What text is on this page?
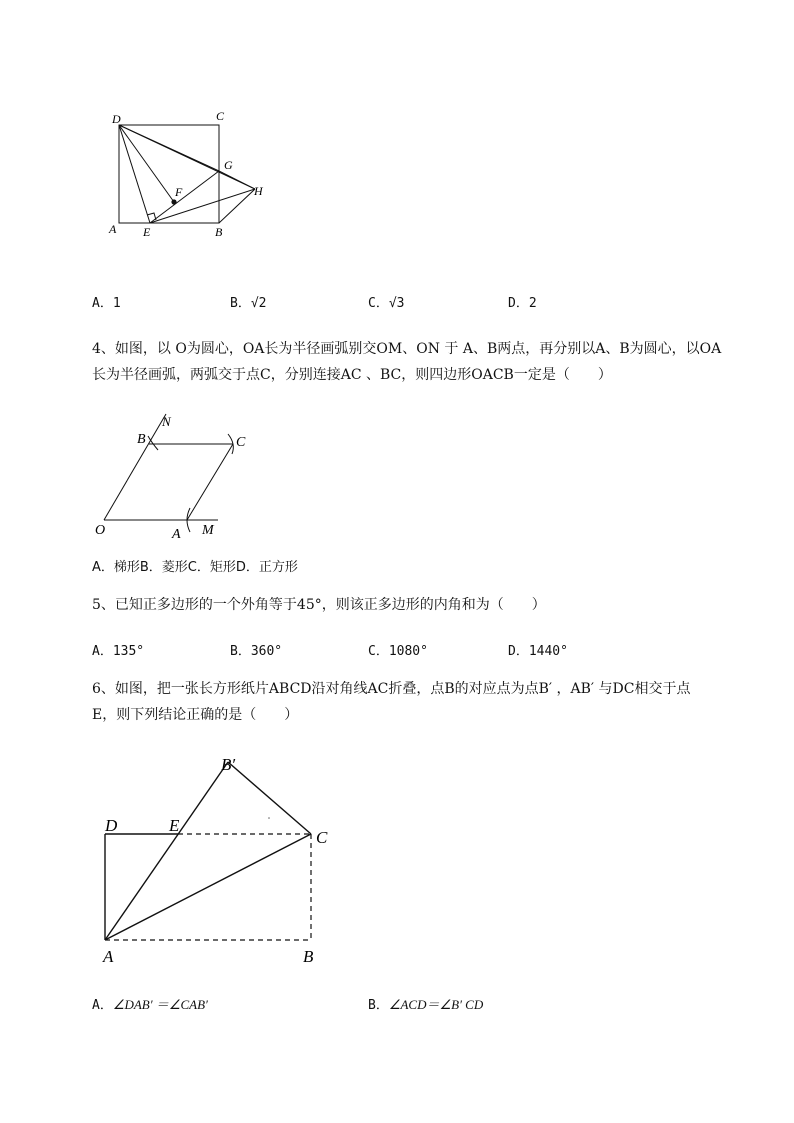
D	C
G
F	H
A E	B
A．1	B．√2	C．√3	D．2
4、如图，以 O为圆心，OA长为半径画弧别交OM、ON 于 A、B两点，再分别以A、B为圆心，以OA
长为半径画弧，两弧交于点C，分别连接AC 、BC，则四边形OACB一定是（　　）
N
B	C
O	A M
A．梯形B．菱形C．矩形D．正方形
5、已知正多边形的一个外角等于45°，则该正多边形的内角和为（　　）
A．135°	B．360°	C．1080°	D．1440°
6、如图，把一张长方形纸片ABCD沿对角线AC折叠，点B的对应点为点B′ ，AB′ 与DC相交于点
E，则下列结论正确的是（　　）
B′
D	E
C
A	B
A．∠DAB′ ＝∠CAB′	B．∠ACD＝∠B′ CD
